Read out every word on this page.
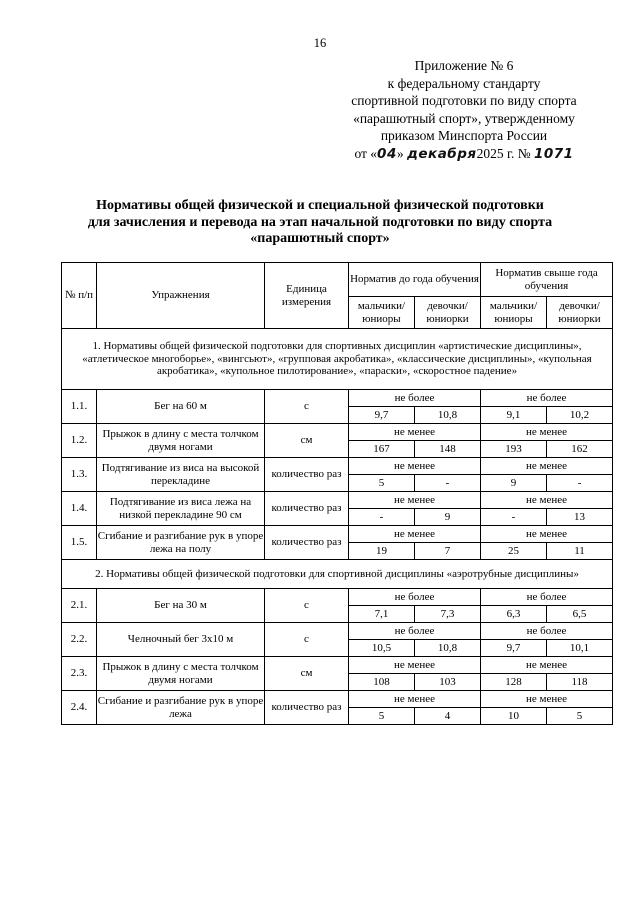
16
Приложение № 6
к федеральному стандарту
спортивной подготовки по виду спорта
«парашютный спорт», утвержденному
приказом Минспорта России
от «04» декабря2025 г. № 1071
Нормативы общей физической и специальной физической подготовки
для зачисления и перевода на этап начальной подготовки по виду спорта
«парашютный спорт»
№ п/п	Упражнения	Единица измерения	Норматив до года обучения		Норматив свыше года обучения	
			мальчики/ юниоры	девочки/ юниорки	мальчики/ юниоры	девочки/ юниорки
1. Нормативы общей физической подготовки для спортивных дисциплин «артистические дисциплины», «атлетическое многоборье», «вингсьют», «групповая акробатика», «классические дисциплины», «купольная акробатика», «купольное пилотирование», «параски», «скоростное падение»						
1.1.	Бег на 60 м	с	не более		не более	
			9,7	10,8	9,1	10,2
1.2.	Прыжок в длину с места толчком двумя ногами	см	не менее		не менее	
			167	148	193	162
1.3.	Подтягивание из виса на высокой перекладине	количество раз	не менее		не менее	
			5	-	9	-
1.4.	Подтягивание из виса лежа на низкой перекладине 90 см	количество раз	не менее		не менее	
			-	9	-	13
1.5.	Сгибание и разгибание рук в упоре лежа на полу	количество раз	не менее		не менее	
			19	7	25	11
2. Нормативы общей физической подготовки для спортивной дисциплины «аэротрубные дисциплины»						
2.1.	Бег на 30 м	с	не более		не более	
			7,1	7,3	6,3	6,5
2.2.	Челночный бег 3х10 м	с	не более		не более	
			10,5	10,8	9,7	10,1
2.3.	Прыжок в длину с места толчком двумя ногами	см	не менее		не менее	
			108	103	128	118
2.4.	Сгибание и разгибание рук в упоре лежа	количество раз	не менее		не менее	
			5	4	10	5
